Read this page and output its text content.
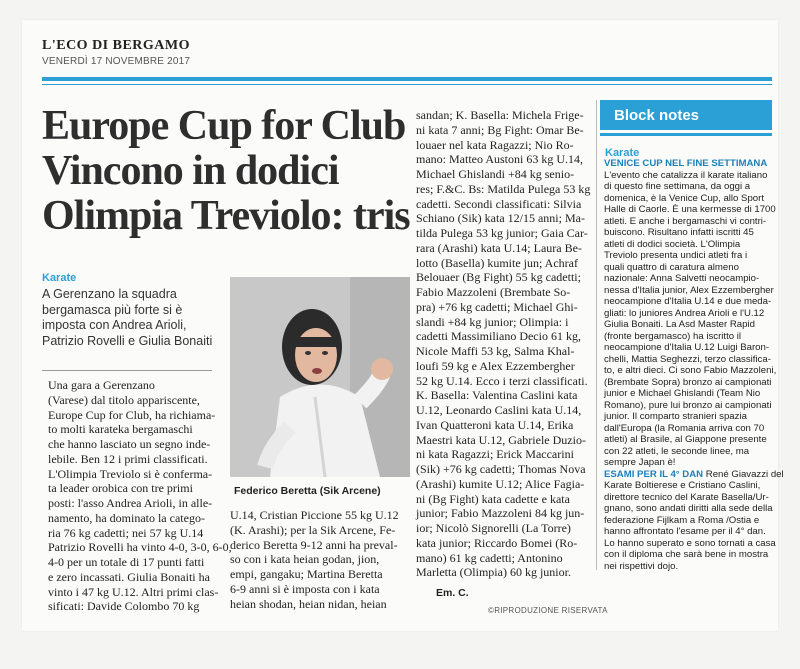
L'ECO DI BERGAMO
VENERDÌ 17 NOVEMBRE 2017
Europe Cup for Club
Vincono in dodici
Olimpia Treviolo: tris
Karate
A Gerenzano la squadra
bergamasca più forte si è
imposta con Andrea Arioli,
Patrizio Rovelli e Giulia Bonaiti
Una gara a Gerenzano
(Varese) dal titolo appariscente,
Europe Cup for Club, ha richiama-
to molti karateka bergamaschi
che hanno lasciato un segno inde-
lebile. Ben 12 i primi classificati.
L'Olimpia Treviolo si è conferma-
ta leader orobica con tre primi
posti: l'asso Andrea Arioli, in alle-
namento, ha dominato la catego-
ria 76 kg cadetti; nei 57 kg U.14
Patrizio Rovelli ha vinto 4-0, 3-0, 6-0,
4-0 per un totale di 17 punti fatti
e zero incassati. Giulia Bonaiti ha
vinto i 47 kg U.12. Altri primi clas-
sificati: Davide Colombo 70 kg
Federico Beretta (Sik Arcene)
U.14, Cristian Piccione 55 kg U.12
(K. Arashi); per la Sik Arcene, Fe-
derico Beretta 9-12 anni ha preval-
so con i kata heian godan, jion,
empi, gangaku; Martina Beretta
6-9 anni si è imposta con i kata
heian shodan, heian nidan, heian
sandan; K. Basella: Michela Frige-
ni kata 7 anni; Bg Fight: Omar Be-
louaer nel kata Ragazzi; Nio Ro-
mano: Matteo Austoni 63 kg U.14,
Michael Ghislandi +84 kg senio-
res; F.&C. Bs: Matilda Pulega 53 kg
cadetti. Secondi classificati: Silvia
Schiano (Sik) kata 12/15 anni; Ma-
tilda Pulega 53 kg junior; Gaia Car-
rara (Arashi) kata U.14; Laura Be-
lotto (Basella) kumite jun; Achraf
Belouaer (Bg Fight) 55 kg cadetti;
Fabio Mazzoleni (Brembate So-
pra) +76 kg cadetti; Michael Ghi-
slandi +84 kg junior; Olimpia: i
cadetti Massimiliano Decio 61 kg,
Nicole Maffi 53 kg, Salma Khal-
loufi 59 kg e Alex Ezzembergher
52 kg U.14. Ecco i terzi classificati.
K. Basella: Valentina Caslini kata
U.12, Leonardo Caslini kata U.14,
Ivan Quatteroni kata U.14, Erika
Maestri kata U.12, Gabriele Duzio-
ni kata Ragazzi; Erick Maccarini
(Sik) +76 kg cadetti; Thomas Nova
(Arashi) kumite U.12; Alice Fagia-
ni (Bg Fight) kata cadette e kata
junior; Fabio Mazzoleni 84 kg jun-
ior; Nicolò Signorelli (La Torre)
kata junior; Riccardo Bomei (Ro-
mano) 61 kg cadetti; Antonino
Marletta (Olimpia) 60 kg junior.
Em. C.
©RIPRODUZIONE RISERVATA
Block notes
Karate
VENICE CUP NEL FINE SETTIMANA
L'evento che catalizza il karate italiano
di questo fine settimana, da oggi a
domenica, è la Venice Cup, allo Sport
Halle di Caorle. È una kermesse di 1700
atleti. E anche i bergamaschi vi contri-
buiscono. Risultano infatti iscritti 45
atleti di dodici società. L'Olimpia
Treviolo presenta undici atleti fra i
quali quattro di caratura almeno
nazionale: Anna Salvetti neocampio-
nessa d'Italia junior, Alex Ezzembergher
neocampione d'Italia U.14 e due meda-
gliati: lo juniores Andrea Arioli e l'U.12
Giulia Bonaiti. La Asd Master Rapid
(fronte bergamasco) ha iscritto il
neocampione d'Italia U.12 Luigi Baron-
chelli, Mattia Seghezzi, terzo classifica-
to, e altri dieci. Ci sono Fabio Mazzoleni,
(Brembate Sopra) bronzo ai campionati
junior e Michael Ghislandi (Team Nio
Romano), pure lui bronzo ai campionati
junior. Il comparto stranieri spazia
dall'Europa (la Romania arriva con 70
atleti) al Brasile, al Giappone presente
con 22 atleti, le seconde linee, ma
sempre Japan è!
ESAMI PER IL 4° DAN René Giavazzi del
Karate Boltierese e Cristiano Caslini,
direttore tecnico del Karate Basella/Ur-
gnano, sono andati diritti alla sede della
federazione Fijlkam a Roma /Ostia e
hanno affrontato l'esame per il 4° dan.
Lo hanno superato e sono tornati a casa
con il diploma che sarà bene in mostra
nei rispettivi dojo.
